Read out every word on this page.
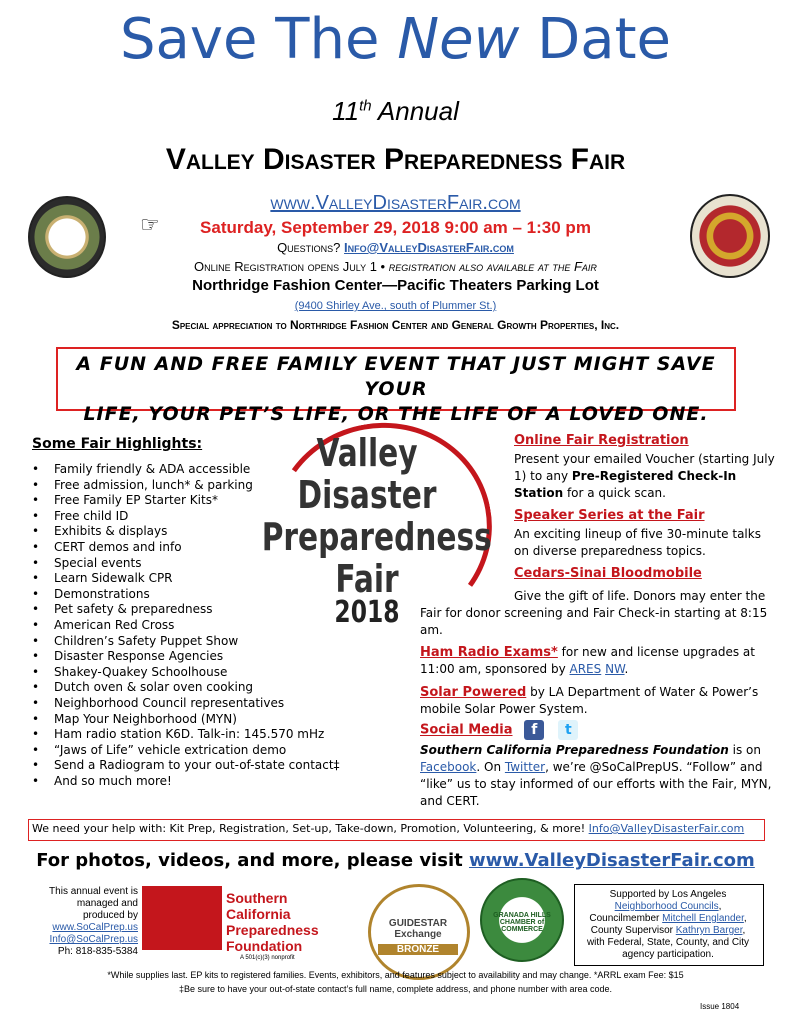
Save The New Date
11th Annual
Valley Disaster Preparedness Fair
www.ValleyDisasterFair.com
☞	Saturday, September 29, 2018 9:00 am – 1:30 pm
Questions? Info@ValleyDisasterFair.com
Online Registration opens July 1 • registration also available at the Fair
Northridge Fashion Center—Pacific Theaters Parking Lot
(9400 Shirley Ave., south of Plummer St.)
Special appreciation to Northridge Fashion Center and General Growth Properties, Inc.
A FUN AND FREE FAMILY EVENT THAT JUST MIGHT SAVE YOUR
LIFE, YOUR PET’S LIFE, OR THE LIFE OF A LOVED ONE.
Some Fair Highlights:
• Family friendly & ADA accessible
• Free admission, lunch* & parking
• Free Family EP Starter Kits*
• Free child ID
• Exhibits & displays
• CERT demos and info
• Special events
• Learn Sidewalk CPR
• Demonstrations
• Pet safety & preparedness
• American Red Cross
• Children’s Safety Puppet Show
• Disaster Response Agencies
• Shakey-Quakey Schoolhouse
• Dutch oven & solar oven cooking
• Neighborhood Council representatives
• Map Your Neighborhood (MYN)
• Ham radio station K6D. Talk-in: 145.570 mHz
• “Jaws of Life” vehicle extrication demo
• Send a Radiogram to your out-of-state contact‡
• And so much more!
Valley
Disaster
Preparedness
Fair
2018
Online Fair Registration
Present your emailed Voucher (starting July 1) to any Pre-Registered Check-In Station for a quick scan.
Speaker Series at the Fair
An exciting lineup of five 30-minute talks on diverse preparedness topics.
Cedars-Sinai Bloodmobile
Give the gift of life. Donors may enter the Fair for donor screening and Fair Check-in starting at 8:15 am.
Ham Radio Exams* for new and license upgrades at 11:00 am, sponsored by ARES NW.
Solar Powered by LA Department of Water & Power’s mobile Solar Power System.
Social Media f t
Southern California Preparedness Foundation is on Facebook. On Twitter, we’re @SoCalPrepUS. “Follow” and “like” us to stay informed of our efforts with the Fair, MYN, and CERT.
We need your help with: Kit Prep, Registration, Set-up, Take-down, Promotion, Volunteering, & more! Info@ValleyDisasterFair.com
For photos, videos, and more, please visit www.ValleyDisasterFair.com
This annual event is
managed and
produced by
www.SoCalPrep.us
Info@SoCalPrep.us
Ph: 818-835-5384
Southern
California
Preparedness
Foundation
A 501(c)(3) nonprofit
GUIDESTAR
Exchange
BRONZE
GRANADA HILLS CHAMBER of COMMERCE
Supported by Los Angeles
Neighborhood Councils,
Councilmember Mitchell Englander,
County Supervisor Kathryn Barger,
with Federal, State, County, and City agency participation.
*While supplies last. EP kits to registered families. Events, exhibitors, and features subject to availability and may change. *ARRL exam Fee: $15
‡Be sure to have your out-of-state contact’s full name, complete address, and phone number with area code.
Issue 1804
